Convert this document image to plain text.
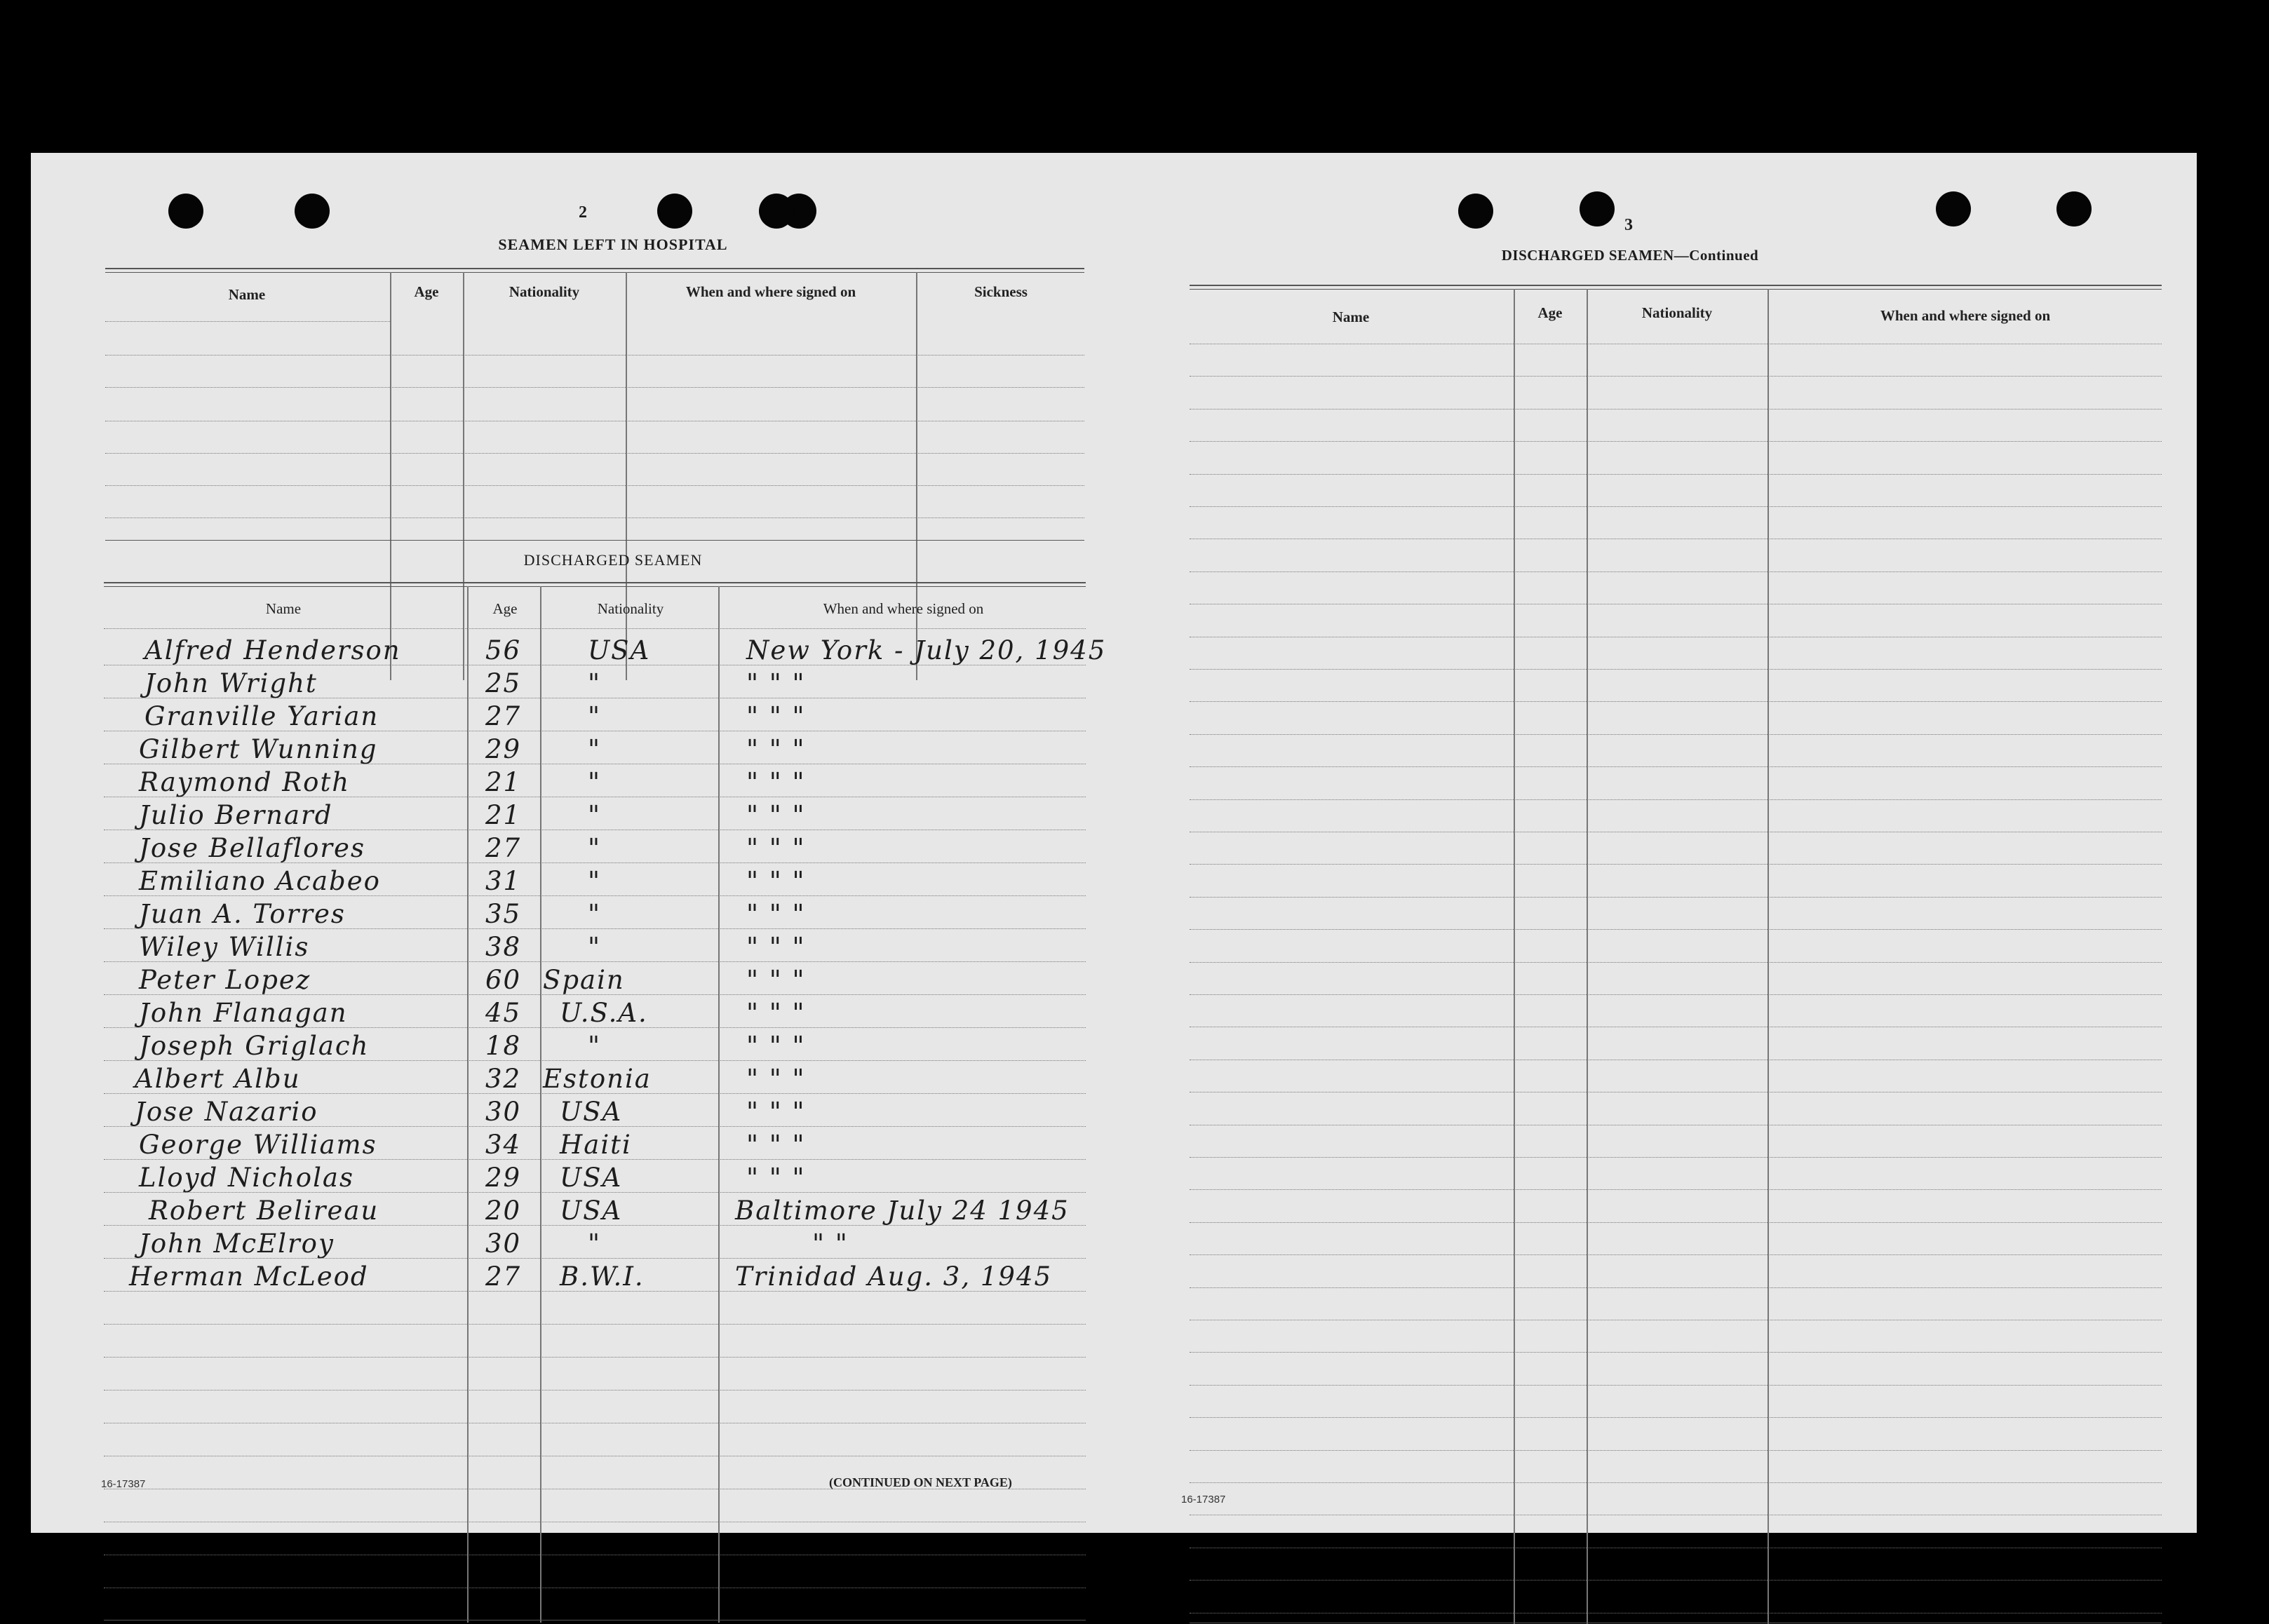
2
SEAMEN LEFT IN HOSPITAL
Name	Age	Nationality	When and where signed on	Sickness
DISCHARGED SEAMEN
Name	Age	Nationality	When and where signed on
Alfred Henderson	56	USA	New York - July 20, 1945
John Wright	25	"	" " "
Granville Yarian	27	"	" " "
Gilbert Wunning	29	"	" " "
Raymond Roth	21	"	" " "
Julio Bernard	21	"	" " "
Jose Bellaflores	27	"	" " "
Emiliano Acabeo	31	"	" " "
Juan A. Torres	35	"	" " "
Wiley Willis	38	"	" " "
Peter Lopez	60 Spain	" " "
John Flanagan	45 U.S.A.	" " "
Joseph Griglach	18	"	" " "
Albert Albu	32 Estonia	" " "
Jose Nazario	30 USA	" " "
George Williams	34 Haiti	" " "
Lloyd Nicholas	29 USA	" " "
Robert Belireau	20 USA	Baltimore July 24 1945
John McElroy	30	"	" "
Herman McLeod	27 B.W.I.	Trinidad Aug. 3, 1945
16-17387	(CONTINUED ON NEXT PAGE)
3
DISCHARGED SEAMEN—Continued
Name	Age	Nationality	When and where signed on
16-17387
